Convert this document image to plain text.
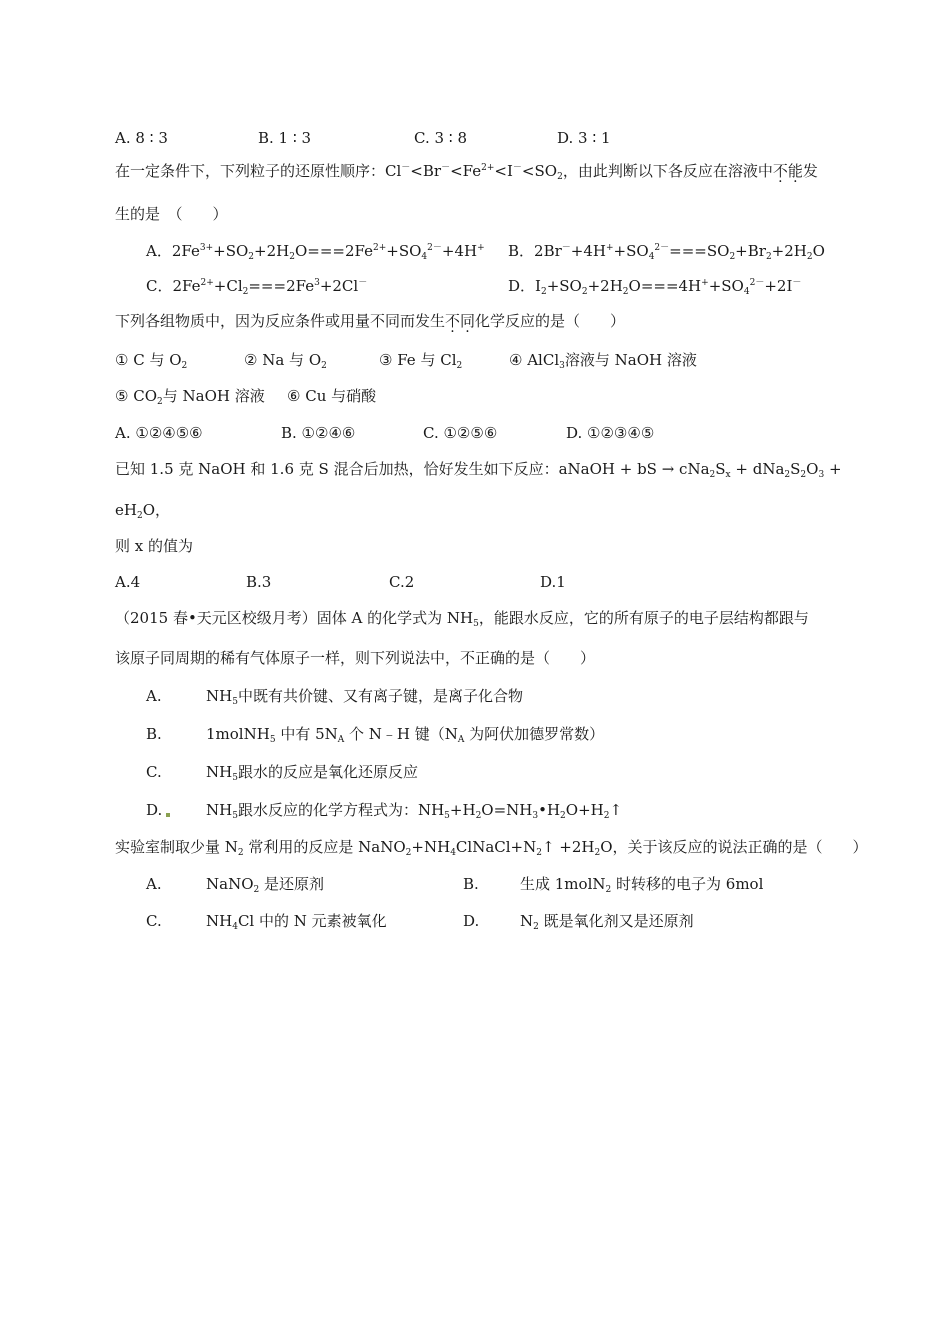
A. 8 ∶ 3	B. 1 ∶ 3	C. 3 ∶ 8	D. 3 ∶ 1
在一定条件下，下列粒子的还原性顺序：$Cl^-<Br^-<Fe^{2+}<I^-<SO_2$，由此判断以下各反应在溶液中不能发
生的是　（　　）
A．$2Fe^{3+}+SO_2+2H_2O===2Fe^{2+}+SO_4^{2-}+4H^+$ B．$2Br^-+4H^++SO_4^{2-}===SO_2+Br_2+2H_2O$
C．$2Fe^{2+}+Cl_2===2Fe^3+2Cl^-$	D．$I_2+SO_2+2H_2O===4H^++SO_4^{2-}+2I^-$
下列各组物质中，因为反应条件或用量不同而发生不同化学反应的是（　　）
① C 与 $O_2$	② Na 与 $O_2$	③ Fe 与 $Cl_2$	④ AlCl$_3$溶液与 NaOH 溶液
⑤ $CO_2$与 NaOH 溶液 ⑥ Cu 与硝酸
A. ①②④⑤⑥	B. ①②④⑥	C. ①②⑤⑥	D. ①②③④⑤
已知 1.5 克 NaOH 和 1.6 克 S 混合后加热，恰好发生如下反应：aNaOH + bS → $cNa_2S_x + dNa_2S_2O_3$ +
$eH_2O$，
则 x 的值为
A.4	B.3	C.2	D.1
（2015 春•天元区校级月考）固体 A 的化学式为 $NH_5$，能跟水反应，它的所有原子的电子层结构都跟与
该原子同周期的稀有气体原子一样，则下列说法中，不正确的是（　　）
A.	$NH_5$中既有共价键、又有离子键，是离子化合物
B.	1molNH$_5$ 中有 $5N_A$ 个 N﹣H 键（$N_A$ 为阿伏加德罗常数）
C.	$NH_5$跟水的反应是氧化还原反应
D.	$NH_5$跟水反应的化学方程式为：$NH_5+H_2O=NH_3•H_2O+H_2↑$
实验室制取少量 $N_2$ 常利用的反应是 $NaNO_2+NH_4ClNaCl+N_2↑ +2H_2O$，关于该反应的说法正确的是（　　）
A.	NaNO$_2$ 是还原剂	B.	生成 1molN$_2$ 时转移的电子为 6mol
C.	$NH_4Cl$ 中的 N 元素被氧化	D.	$N_2$ 既是氧化剂又是还原剂
